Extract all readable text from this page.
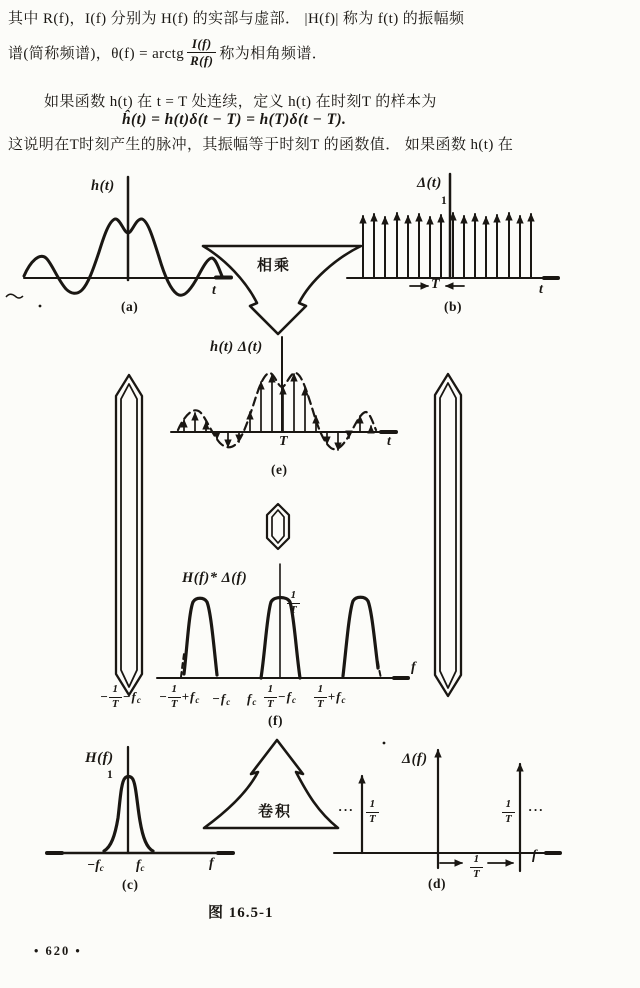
其中 R(f)，I(f) 分别为 H(f) 的实部与虚部． |H(f)| 称为 f(t) 的振幅频
谱(简称频谱)，θ(f) = arctg $\frac{I(f)}{R(f)}$ 称为相角频谱．
如果函数 h(t) 在 t = T 处连续，定义 h(t) 在时刻T 的样本为
ĥ(t) = h(t)δ(t − T) = h(T)δ(t − T).
这说明在T时刻产生的脉冲，其振幅等于时刻T 的函数值． 如果函数 h(t) 在
h(t)
t
(a)
Δ(t)
1
T	t
(b)
相乘
h(t) Δ(t)
T	t
(e)
H(f)* Δ(f)
$\frac{1}{T}$
f
− $\frac{1}{T} - f_c - \frac{1}{T} + f_c - f_c$ $f_c \frac{1}{T} - f_c \frac{1}{T} + f_c$
(f)
H(f)
1
− $f_c$ $f_c$	f
(c)
卷积
Δ(f)
··· $\frac{1}{T}$	$\frac{1}{T}$ ···
$\frac{1}{T}$	f
(d)
图 16.5-1
• 620 •
